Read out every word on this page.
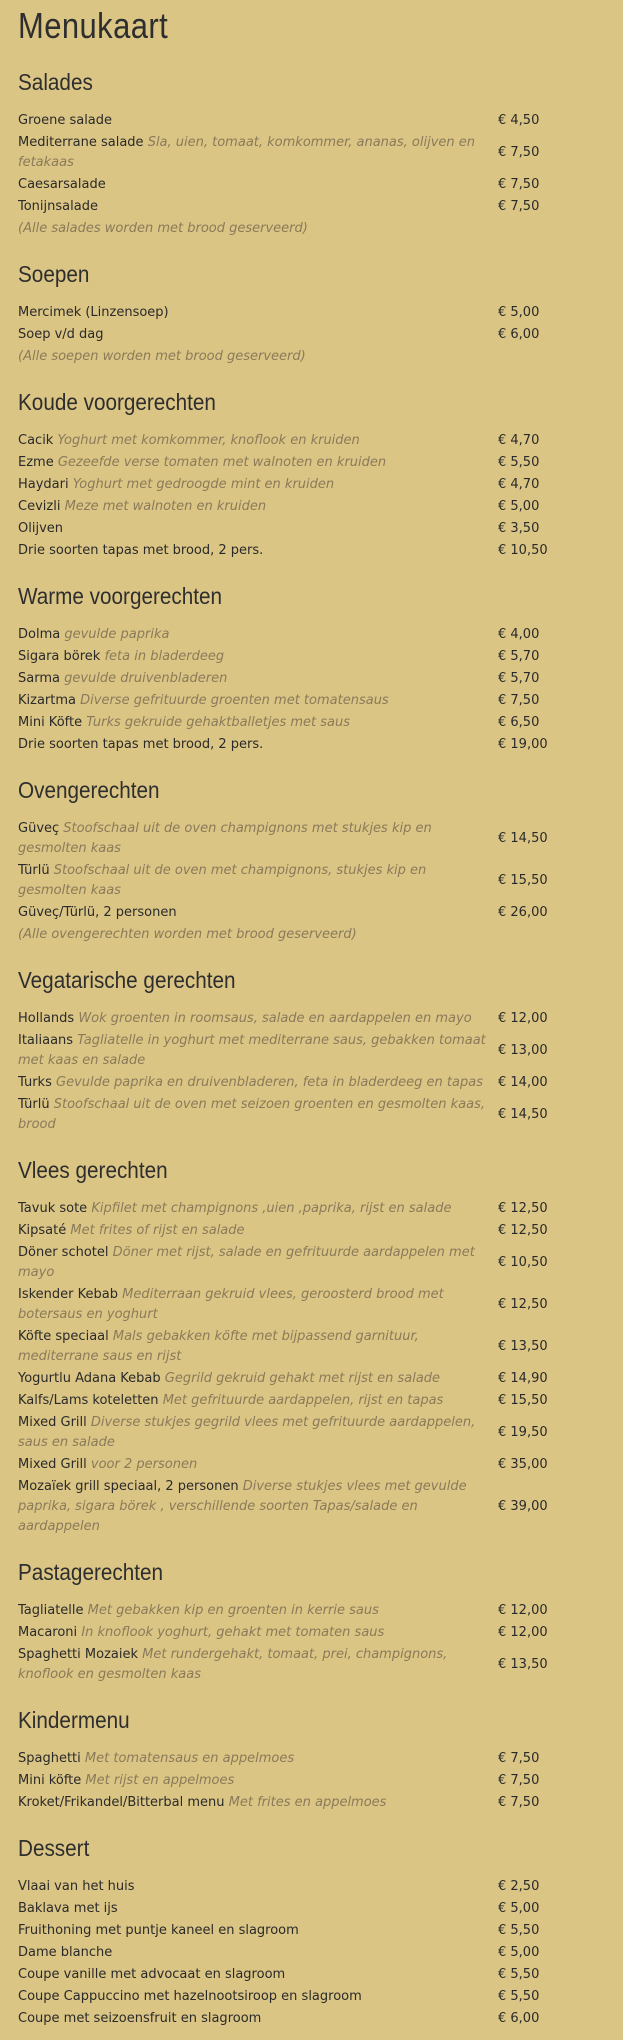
Menukaart
Salades
Groene salade	€ 4,50
Mediterrane salade Sla, uien, tomaat, komkommer, ananas, olijven en fetakaas	€ 7,50
Caesarsalade	€ 7,50
Tonijnsalade	€ 7,50
(Alle salades worden met brood geserveerd)	
Soepen
Mercimek (Linzensoep)	€ 5,00
Soep v/d dag	€ 6,00
(Alle soepen worden met brood geserveerd)	
Koude voorgerechten
Cacik Yoghurt met komkommer, knoflook en kruiden	€ 4,70
Ezme Gezeefde verse tomaten met walnoten en kruiden	€ 5,50
Haydari Yoghurt met gedroogde mint en kruiden	€ 4,70
Cevizli Meze met walnoten en kruiden	€ 5,00
Olijven	€ 3,50
Drie soorten tapas met brood, 2 pers.	€ 10,50
Warme voorgerechten
Dolma gevulde paprika	€ 4,00
Sigara börek feta in bladerdeeg	€ 5,70
Sarma gevulde druivenbladeren	€ 5,70
Kizartma Diverse gefrituurde groenten met tomatensaus	€ 7,50
Mini Köfte Turks gekruide gehaktballetjes met saus	€ 6,50
Drie soorten tapas met brood, 2 pers.	€ 19,00
Ovengerechten
Güveç Stoofschaal uit de oven champignons met stukjes kip en gesmolten kaas	€ 14,50
Türlü Stoofschaal uit de oven met champignons, stukjes kip en gesmolten kaas	€ 15,50
Güveç/Türlü, 2 personen	€ 26,00
(Alle ovengerechten worden met brood geserveerd)	
Vegatarische gerechten
Hollands Wok groenten in roomsaus, salade en aardappelen en mayo	€ 12,00
Italiaans Tagliatelle in yoghurt met mediterrane saus, gebakken tomaat met kaas en salade	€ 13,00
Turks Gevulde paprika en druivenbladeren, feta in bladerdeeg en tapas	€ 14,00
Türlü Stoofschaal uit de oven met seizoen groenten en gesmolten kaas, brood	€ 14,50
Vlees gerechten
Tavuk sote Kipfilet met champignons ,uien ,paprika, rijst en salade	€ 12,50
Kipsaté Met frites of rijst en salade	€ 12,50
Döner schotel Döner met rijst, salade en gefrituurde aardappelen met mayo	€ 10,50
Iskender Kebab Mediterraan gekruid vlees, geroosterd brood met botersaus en yoghurt	€ 12,50
Köfte speciaal Mals gebakken köfte met bijpassend garnituur, mediterrane saus en rijst	€ 13,50
Yogurtlu Adana Kebab Gegrild gekruid gehakt met rijst en salade	€ 14,90
Kalfs/Lams koteletten Met gefrituurde aardappelen, rijst en tapas	€ 15,50
Mixed Grill Diverse stukjes gegrild vlees met gefrituurde aardappelen, saus en salade	€ 19,50
Mixed Grill voor 2 personen	€ 35,00
Mozaïek grill speciaal, 2 personen Diverse stukjes vlees met gevulde paprika, sigara börek , verschillende soorten Tapas/salade en aardappelen	€ 39,00
Pastagerechten
Tagliatelle Met gebakken kip en groenten in kerrie saus	€ 12,00
Macaroni In knoflook yoghurt, gehakt met tomaten saus	€ 12,00
Spaghetti Mozaiek Met rundergehakt, tomaat, prei, champignons, knoflook en gesmolten kaas	€ 13,50
Kindermenu
Spaghetti Met tomatensaus en appelmoes	€ 7,50
Mini köfte Met rijst en appelmoes	€ 7,50
Kroket/Frikandel/Bitterbal menu Met frites en appelmoes	€ 7,50
Dessert
Vlaai van het huis	€ 2,50
Baklava met ijs	€ 5,00
Fruithoning met puntje kaneel en slagroom	€ 5,50
Dame blanche	€ 5,00
Coupe vanille met advocaat en slagroom	€ 5,50
Coupe Cappuccino met hazelnootsiroop en slagroom	€ 5,50
Coupe met seizoensfruit en slagroom	€ 6,00
